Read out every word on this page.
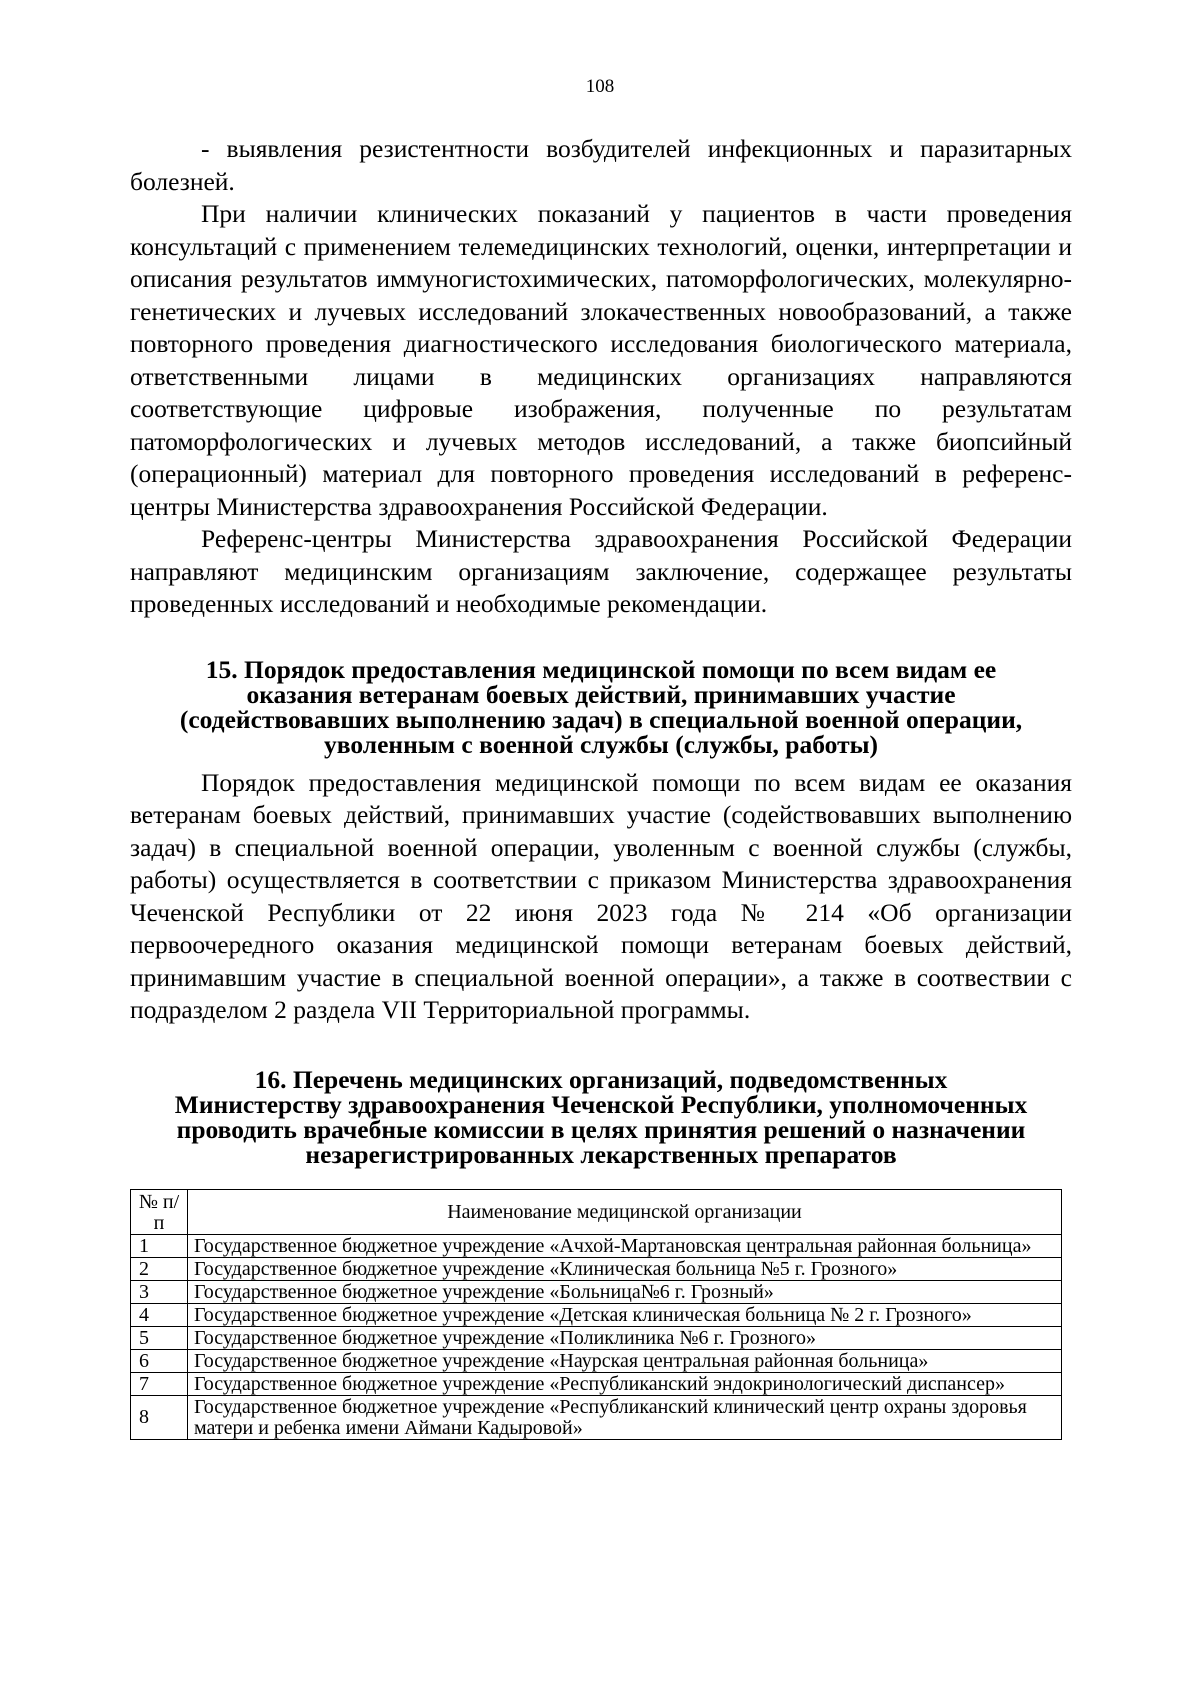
108

- выявления резистентности возбудителей инфекционных и паразитарных болезней.

При наличии клинических показаний у пациентов в части проведения консультаций с применением телемедицинских технологий, оценки, интерпретации и описания результатов иммуногистохимических, патоморфологических, молекулярно-генетических и лучевых исследований злокачественных новообразований, а также повторного проведения диагностического исследования биологического материала, ответственными лицами в медицинских организациях направляются соответствующие цифровые изображения, полученные по результатам патоморфологических и лучевых методов исследований, а также биопсийный (операционный) материал для повторного проведения исследований в референс-центры Министерства здравоохранения Российской Федерации.

Референс-центры Министерства здравоохранения Российской Федерации направляют медицинским организациям заключение, содержащее результаты проведенных исследований и необходимые рекомендации.

15. Порядок предоставления медицинской помощи по всем видам ее
оказания ветеранам боевых действий, принимавших участие
(содействовавших выполнению задач) в специальной военной операции,
уволенным с военной службы (службы, работы)

Порядок предоставления медицинской помощи по всем видам ее оказания ветеранам боевых действий, принимавших участие (содействовавших выполнению задач) в специальной военной операции, уволенным с военной службы (службы, работы) осуществляется в соответствии с приказом Министерства здравоохранения Чеченской Республики от 22 июня 2023 года № 214 «Об организации первоочередного оказания медицинской помощи ветеранам боевых действий, принимавшим участие в специальной военной операции», а также в соотвествии с подразделом 2 раздела VII Территориальной программы.

16. Перечень медицинских организаций, подведомственных
Министерству здравоохранения Чеченской Республики, уполномоченных
проводить врачебные комиссии в целях принятия решений о назначении
незарегистрированных лекарственных препаратов
№ п/п	Наименование медицинской организации
1	Государственное бюджетное учреждение «Ачхой-Мартановская центральная районная больница»
2	Государственное бюджетное учреждение «Клиническая больница №5 г. Грозного»
3	Государственное бюджетное учреждение «Больница№6 г. Грозный»
4	Государственное бюджетное учреждение «Детская клиническая больница № 2 г. Грозного»
5	Государственное бюджетное учреждение «Поликлиника №6 г. Грозного»
6	Государственное бюджетное учреждение «Наурская центральная районная больница»
7	Государственное бюджетное учреждение «Республиканский эндокринологический диспансер»
8	Государственное бюджетное учреждение «Республиканский клинический центр охраны здоровья матери и ребенка имени Аймани Кадыровой»
